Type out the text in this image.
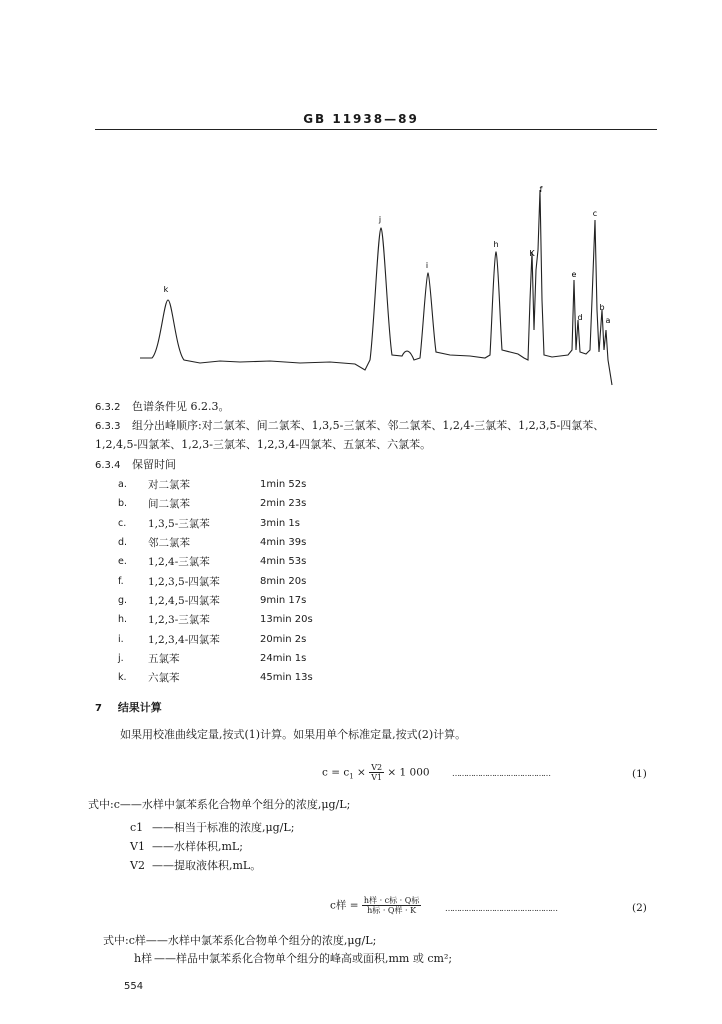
GB 11938—89
k
j
i
h
K
f
c
e
d
b
a
6.3.2 色谱条件见 6.2.3。
6.3.3 组分出峰顺序:对二氯苯、间二氯苯、1,3,5-三氯苯、邻二氯苯、1,2,4-三氯苯、1,2,3,5-四氯苯、
1,2,4,5-四氯苯、1,2,3-三氯苯、1,2,3,4-四氯苯、五氯苯、六氯苯。
6.3.4 保留时间
a.	对二氯苯	1min 52s
b.	间二氯苯	2min 23s
c.	1,3,5-三氯苯	3min 1s
d.	邻二氯苯	4min 39s
e.	1,2,4-三氯苯	4min 53s
f.	1,2,3,5-四氯苯	8min 20s
g.	1,2,4,5-四氯苯	9min 17s
h.	1,2,3-三氯苯	13min 20s
i.	1,2,3,4-四氯苯	20min 2s
j.	五氯苯	24min 1s
k.	六氯苯	45min 13s
7 结果计算
如果用校准曲线定量,按式(1)计算。如果用单个标准定量,按式(2)计算。
$c = c_1 \times \frac{V2}{V1} \times 1$ 000	……………………………………	(1)
式中:c——水样中氯苯系化合物单个组分的浓度,μg/L;
c1 ——相当于标准的浓度,μg/L;
V1 ——水样体积,mL;
V2 ——提取液体积,mL。
c样 = $\frac{\text{h样 · c标 · Q标}}{\text{h标 · Q样 · K}}$	…………………………………………	(2)
式中:c样——水样中氯苯系化合物单个组分的浓度,μg/L;
h样 ——样品中氯苯系化合物单个组分的峰高或面积,mm 或 cm²;
554
